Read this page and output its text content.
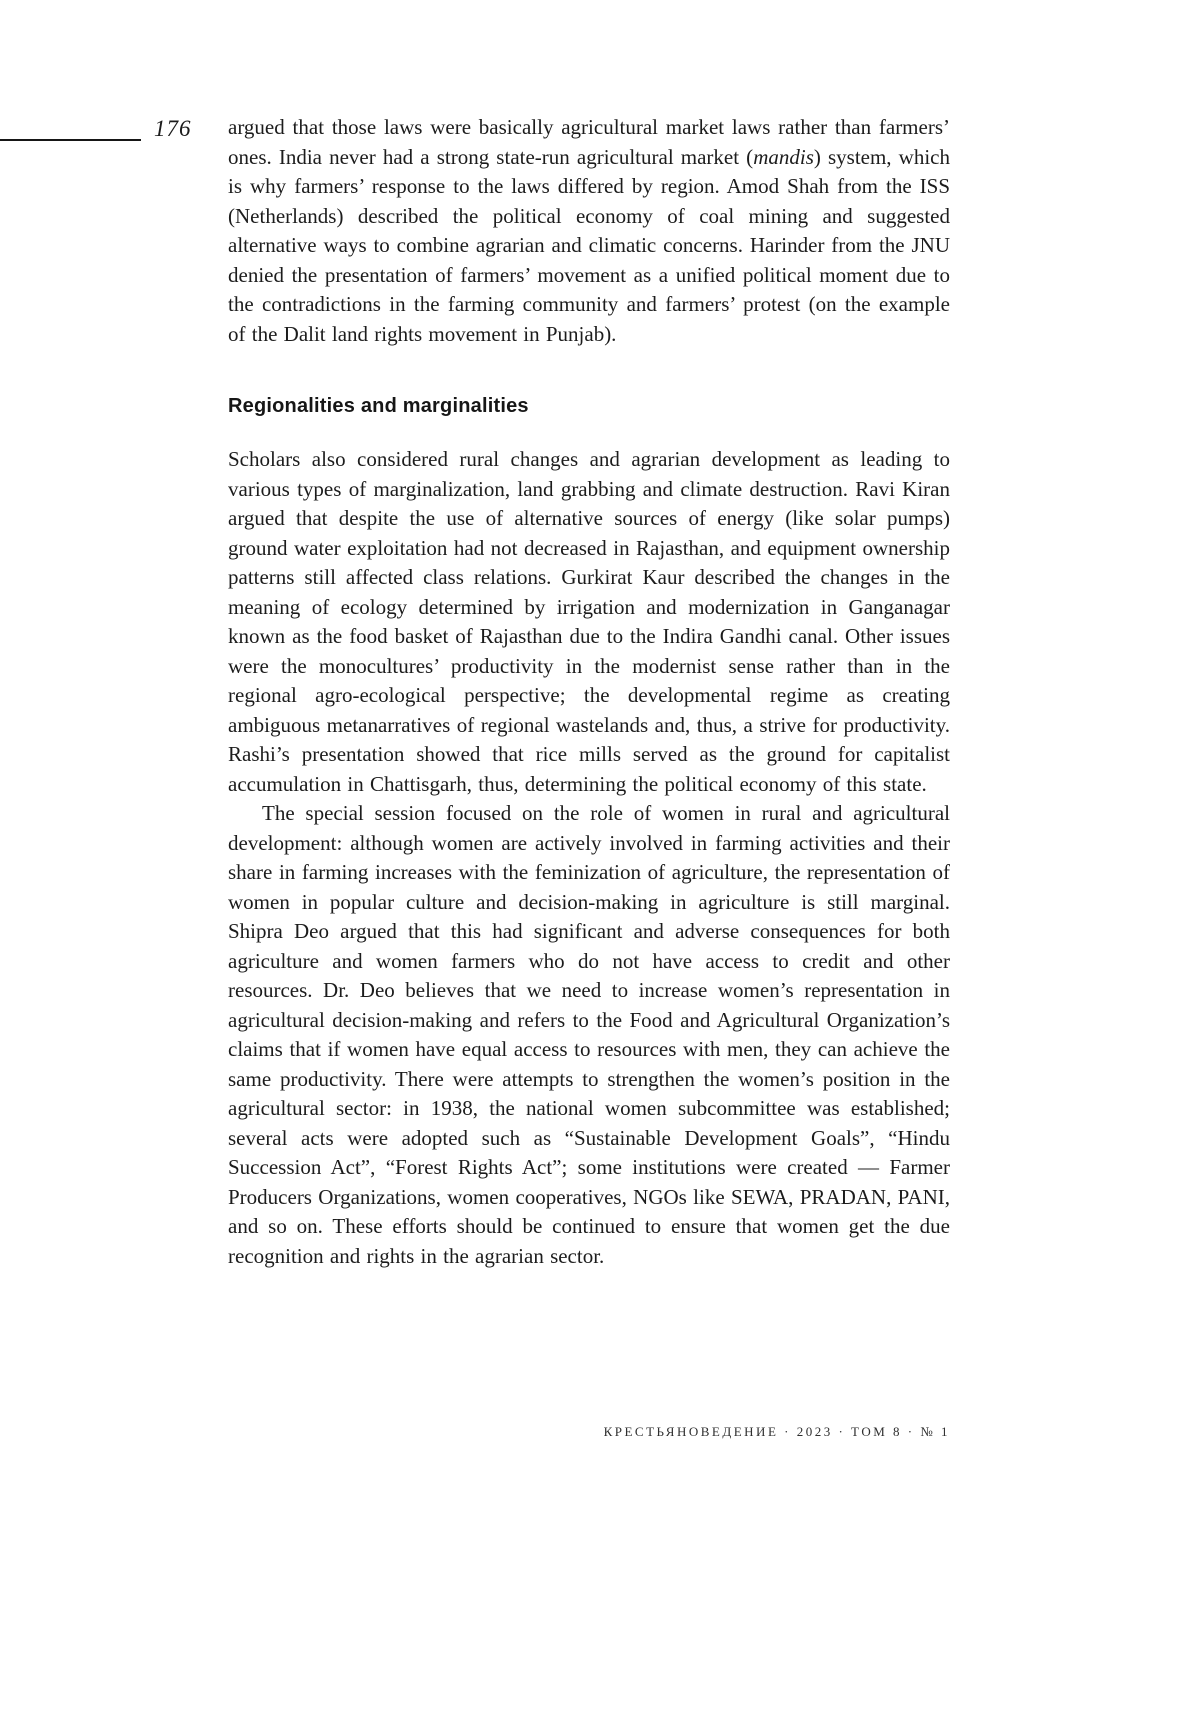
176 argued that those laws were basically agricultural market laws rather than farmers’ ones. India never had a strong state-run agricultural market (mandis) system, which is why farmers’ response to the laws differed by region. Amod Shah from the ISS (Netherlands) described the political economy of coal mining and suggested alternative ways to combine agrarian and climatic concerns. Harinder from the JNU denied the presentation of farmers’ movement as a unified political moment due to the contradictions in the farming community and farmers’ protest (on the example of the Dalit land rights movement in Punjab).

Regionalities and marginalities

Scholars also considered rural changes and agrarian development as leading to various types of marginalization, land grabbing and climate destruction. Ravi Kiran argued that despite the use of alternative sources of energy (like solar pumps) ground water exploitation had not decreased in Rajasthan, and equipment ownership patterns still affected class relations. Gurkirat Kaur described the changes in the meaning of ecology determined by irrigation and modernization in Ganganagar known as the food basket of Rajasthan due to the Indira Gandhi canal. Other issues were the monocultures’ productivity in the modernist sense rather than in the regional agro-ecological perspective; the developmental regime as creating ambiguous metanarratives of regional wastelands and, thus, a strive for productivity. Rashi’s presentation showed that rice mills served as the ground for capitalist accumulation in Chattisgarh, thus, determining the political economy of this state.

The special session focused on the role of women in rural and agricultural development: although women are actively involved in farming activities and their share in farming increases with the feminization of agriculture, the representation of women in popular culture and decision-making in agriculture is still marginal. Shipra Deo argued that this had significant and adverse consequences for both agriculture and women farmers who do not have access to credit and other resources. Dr. Deo believes that we need to increase women’s representation in agricultural decision-making and refers to the Food and Agricultural Organization’s claims that if women have equal access to resources with men, they can achieve the same productivity. There were attempts to strengthen the women’s position in the agricultural sector: in 1938, the national women subcommittee was established; several acts were adopted such as “Sustainable Development Goals”, “Hindu Succession Act”, “Forest Rights Act”; some institutions were created — Farmer Producers Organizations, women cooperatives, NGOs like SEWA, PRADAN, PANI, and so on. These efforts should be continued to ensure that women get the due recognition and rights in the agrarian sector.

КРЕСТЬЯНОВЕДЕНИЕ · 2023 · ТОМ 8 · № 1
